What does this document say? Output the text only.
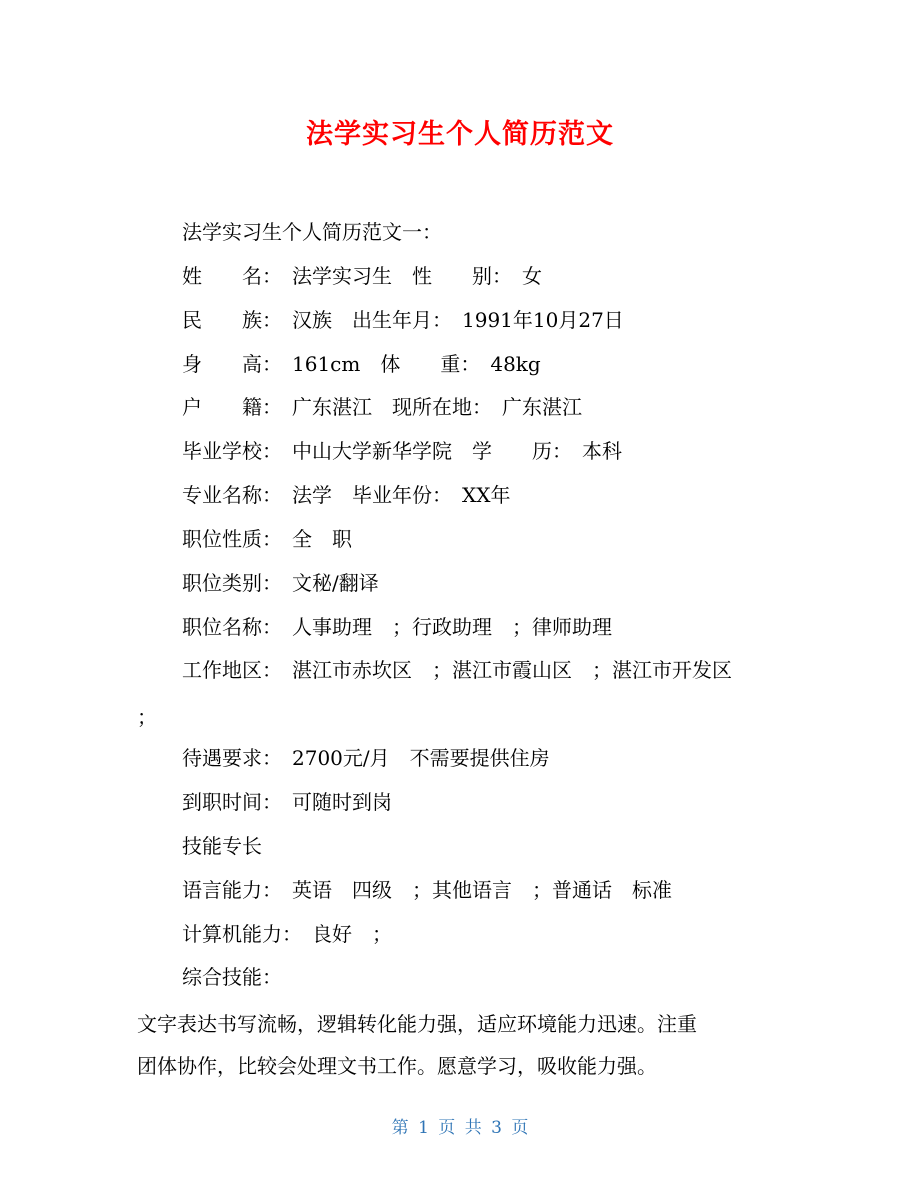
法学实习生个人简历范文

法学实习生个人简历范文一：

姓　　名：　法学实习生　性　　别：　女

民　　族：　汉族　出生年月：　1991年10月27日

身　　高：　161cm　体　　重：　48kg

户　　籍：　广东湛江　现所在地：　广东湛江

毕业学校：　中山大学新华学院　学　　历：　本科

专业名称：　法学　毕业年份：　XX年

职位性质：　全　职

职位类别：　文秘/翻译

职位名称：　人事助理　；行政助理　；律师助理

工作地区：　湛江市赤坎区　；湛江市霞山区　；湛江市开发区

；

待遇要求：　2700元/月　不需要提供住房

到职时间：　可随时到岗

技能专长

语言能力：　英语　四级　；其他语言　；普通话　标准

计算机能力：　良好　；

综合技能：

文字表达书写流畅，逻辑转化能力强，适应环境能力迅速。注重

团体协作，比较会处理文书工作。愿意学习，吸收能力强。

第 1 页 共 3 页
